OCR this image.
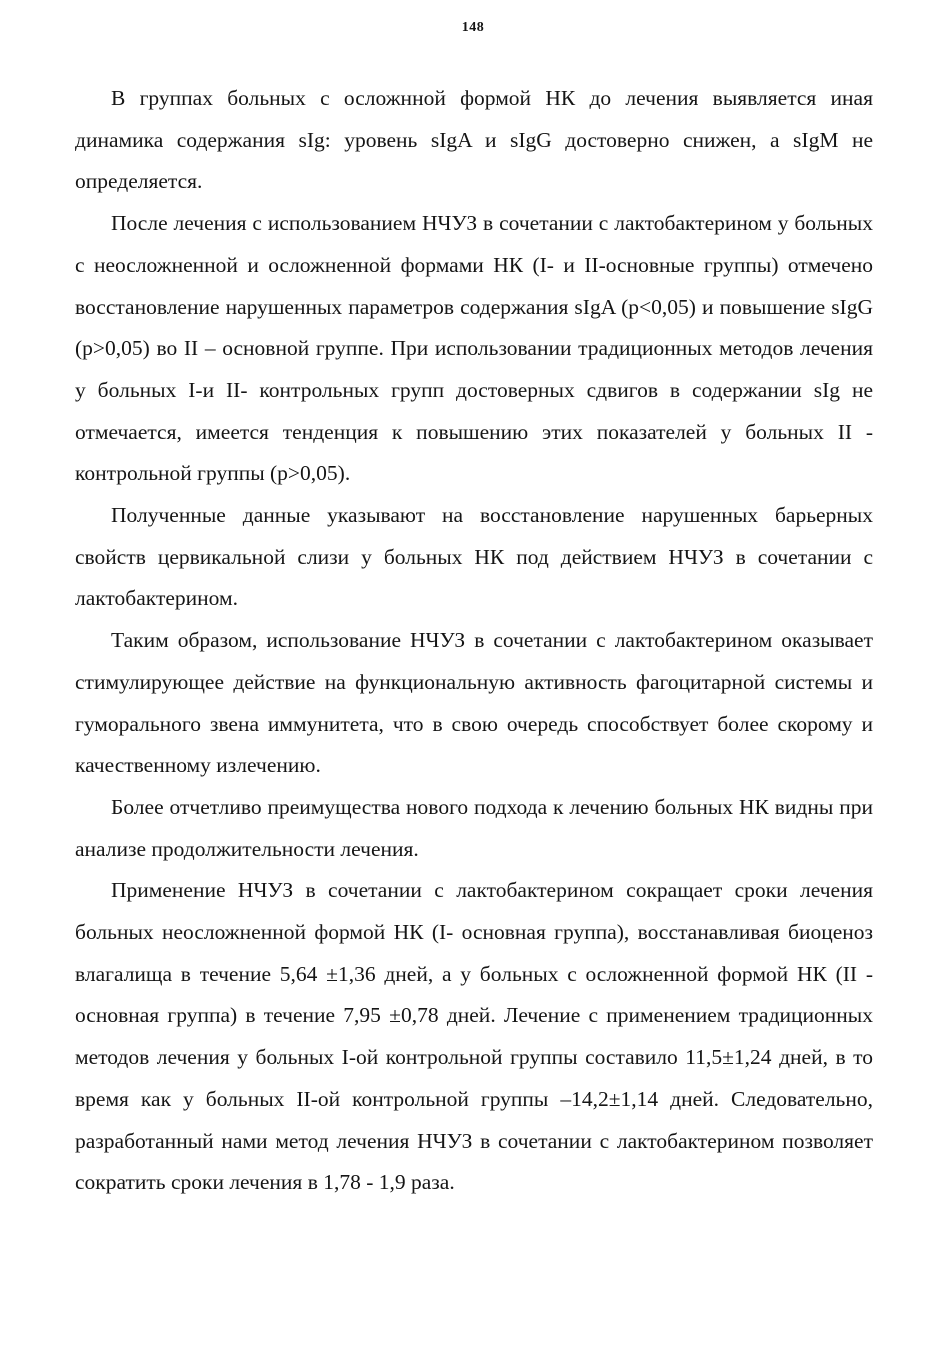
148

В группах больных с осложнной формой НК до лечения выявляется иная динамика содержания sIg: уровень sIgA и sIgG достоверно снижен, а sIgM не определяется.

После лечения с использованием НЧУЗ в сочетании с лактобактерином у больных с неосложненной и осложненной формами НК (I- и II-основные группы) отмечено восстановление нарушенных параметров содержания sIgA (p<0,05) и повышение sIgG (p>0,05) во II – основной группе. При использовании традиционных методов лечения у больных I-и II- контрольных групп достоверных сдвигов в содержании sIg не отмечается, имеется тенденция к повышению этих показателей у больных II - контрольной группы (p>0,05).

Полученные данные указывают на восстановление нарушенных барьерных свойств цервикальной слизи у больных НК под действием НЧУЗ в сочетании с лактобактерином.

Таким образом, использование НЧУЗ в сочетании с лактобактерином оказывает стимулирующее действие на функциональную активность фагоцитарной системы и гуморального звена иммунитета, что в свою очередь способствует более скорому и качественному излечению.

Более отчетливо преимущества нового подхода к лечению больных НК видны при анализе продолжительности лечения.

Применение НЧУЗ в сочетании с лактобактерином сокращает сроки лечения больных неосложненной формой НК (I- основная группа), восстанавливая биоценоз влагалища в течение 5,64 ±1,36 дней, а у больных с осложненной формой НК (II - основная группа) в течение 7,95 ±0,78 дней. Лечение с применением традиционных методов лечения у больных I-ой контрольной группы составило 11,5±1,24 дней, в то время как у больных II-ой контрольной группы –14,2±1,14 дней. Следовательно, разработанный нами метод лечения НЧУЗ в сочетании с лактобактерином позволяет сократить сроки лечения в 1,78 - 1,9 раза.
